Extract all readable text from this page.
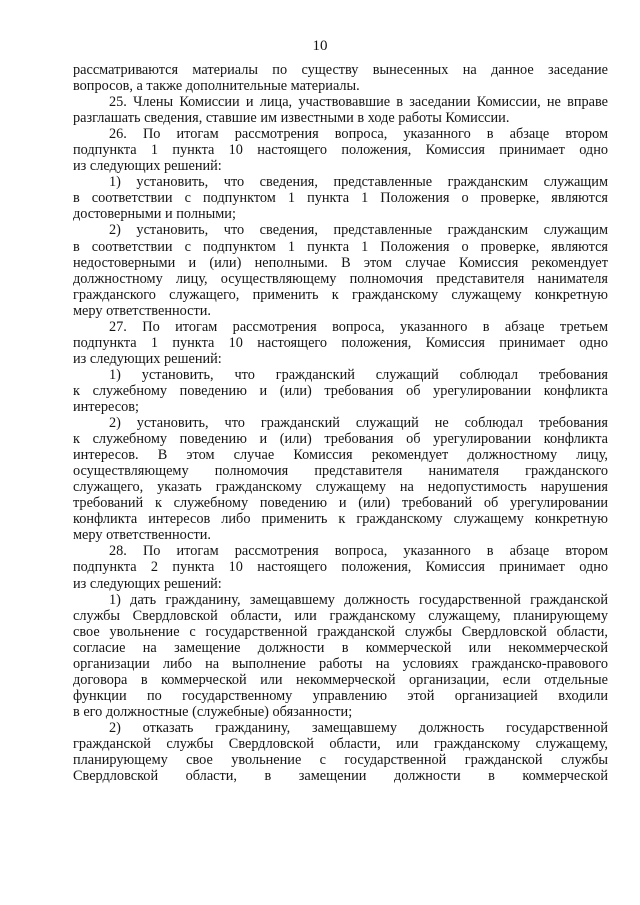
10
рассматриваются материалы по существу вынесенных на данное заседание
вопросов, а также дополнительные материалы.
25. Члены Комиссии и лица, участвовавшие в заседании Комиссии, не вправе
разглашать сведения, ставшие им известными в ходе работы Комиссии.
26. По итогам рассмотрения вопроса, указанного в абзаце втором
подпункта 1 пункта 10 настоящего положения, Комиссия принимает одно
из следующих решений:
1) установить, что сведения, представленные гражданским служащим
в соответствии с подпунктом 1 пункта 1 Положения о проверке, являются
достоверными и полными;
2) установить, что сведения, представленные гражданским служащим
в соответствии с подпунктом 1 пункта 1 Положения о проверке, являются
недостоверными и (или) неполными. В этом случае Комиссия рекомендует
должностному лицу, осуществляющему полномочия представителя нанимателя
гражданского служащего, применить к гражданскому служащему конкретную
меру ответственности.
27. По итогам рассмотрения вопроса, указанного в абзаце третьем
подпункта 1 пункта 10 настоящего положения, Комиссия принимает одно
из следующих решений:
1) установить, что гражданский служащий соблюдал требования
к служебному поведению и (или) требования об урегулировании конфликта
интересов;
2) установить, что гражданский служащий не соблюдал требования
к служебному поведению и (или) требования об урегулировании конфликта
интересов. В этом случае Комиссия рекомендует должностному лицу,
осуществляющему полномочия представителя нанимателя гражданского
служащего, указать гражданскому служащему на недопустимость нарушения
требований к служебному поведению и (или) требований об урегулировании
конфликта интересов либо применить к гражданскому служащему конкретную
меру ответственности.
28. По итогам рассмотрения вопроса, указанного в абзаце втором
подпункта 2 пункта 10 настоящего положения, Комиссия принимает одно
из следующих решений:
1) дать гражданину, замещавшему должность государственной гражданской
службы Свердловской области, или гражданскому служащему, планирующему
свое увольнение с государственной гражданской службы Свердловской области,
согласие на замещение должности в коммерческой или некоммерческой
организации либо на выполнение работы на условиях гражданско-правового
договора в коммерческой или некоммерческой организации, если отдельные
функции по государственному управлению этой организацией входили
в его должностные (служебные) обязанности;
2) отказать гражданину, замещавшему должность государственной
гражданской службы Свердловской области, или гражданскому служащему,
планирующему свое увольнение с государственной гражданской службы
Свердловской области, в замещении должности в коммерческой
